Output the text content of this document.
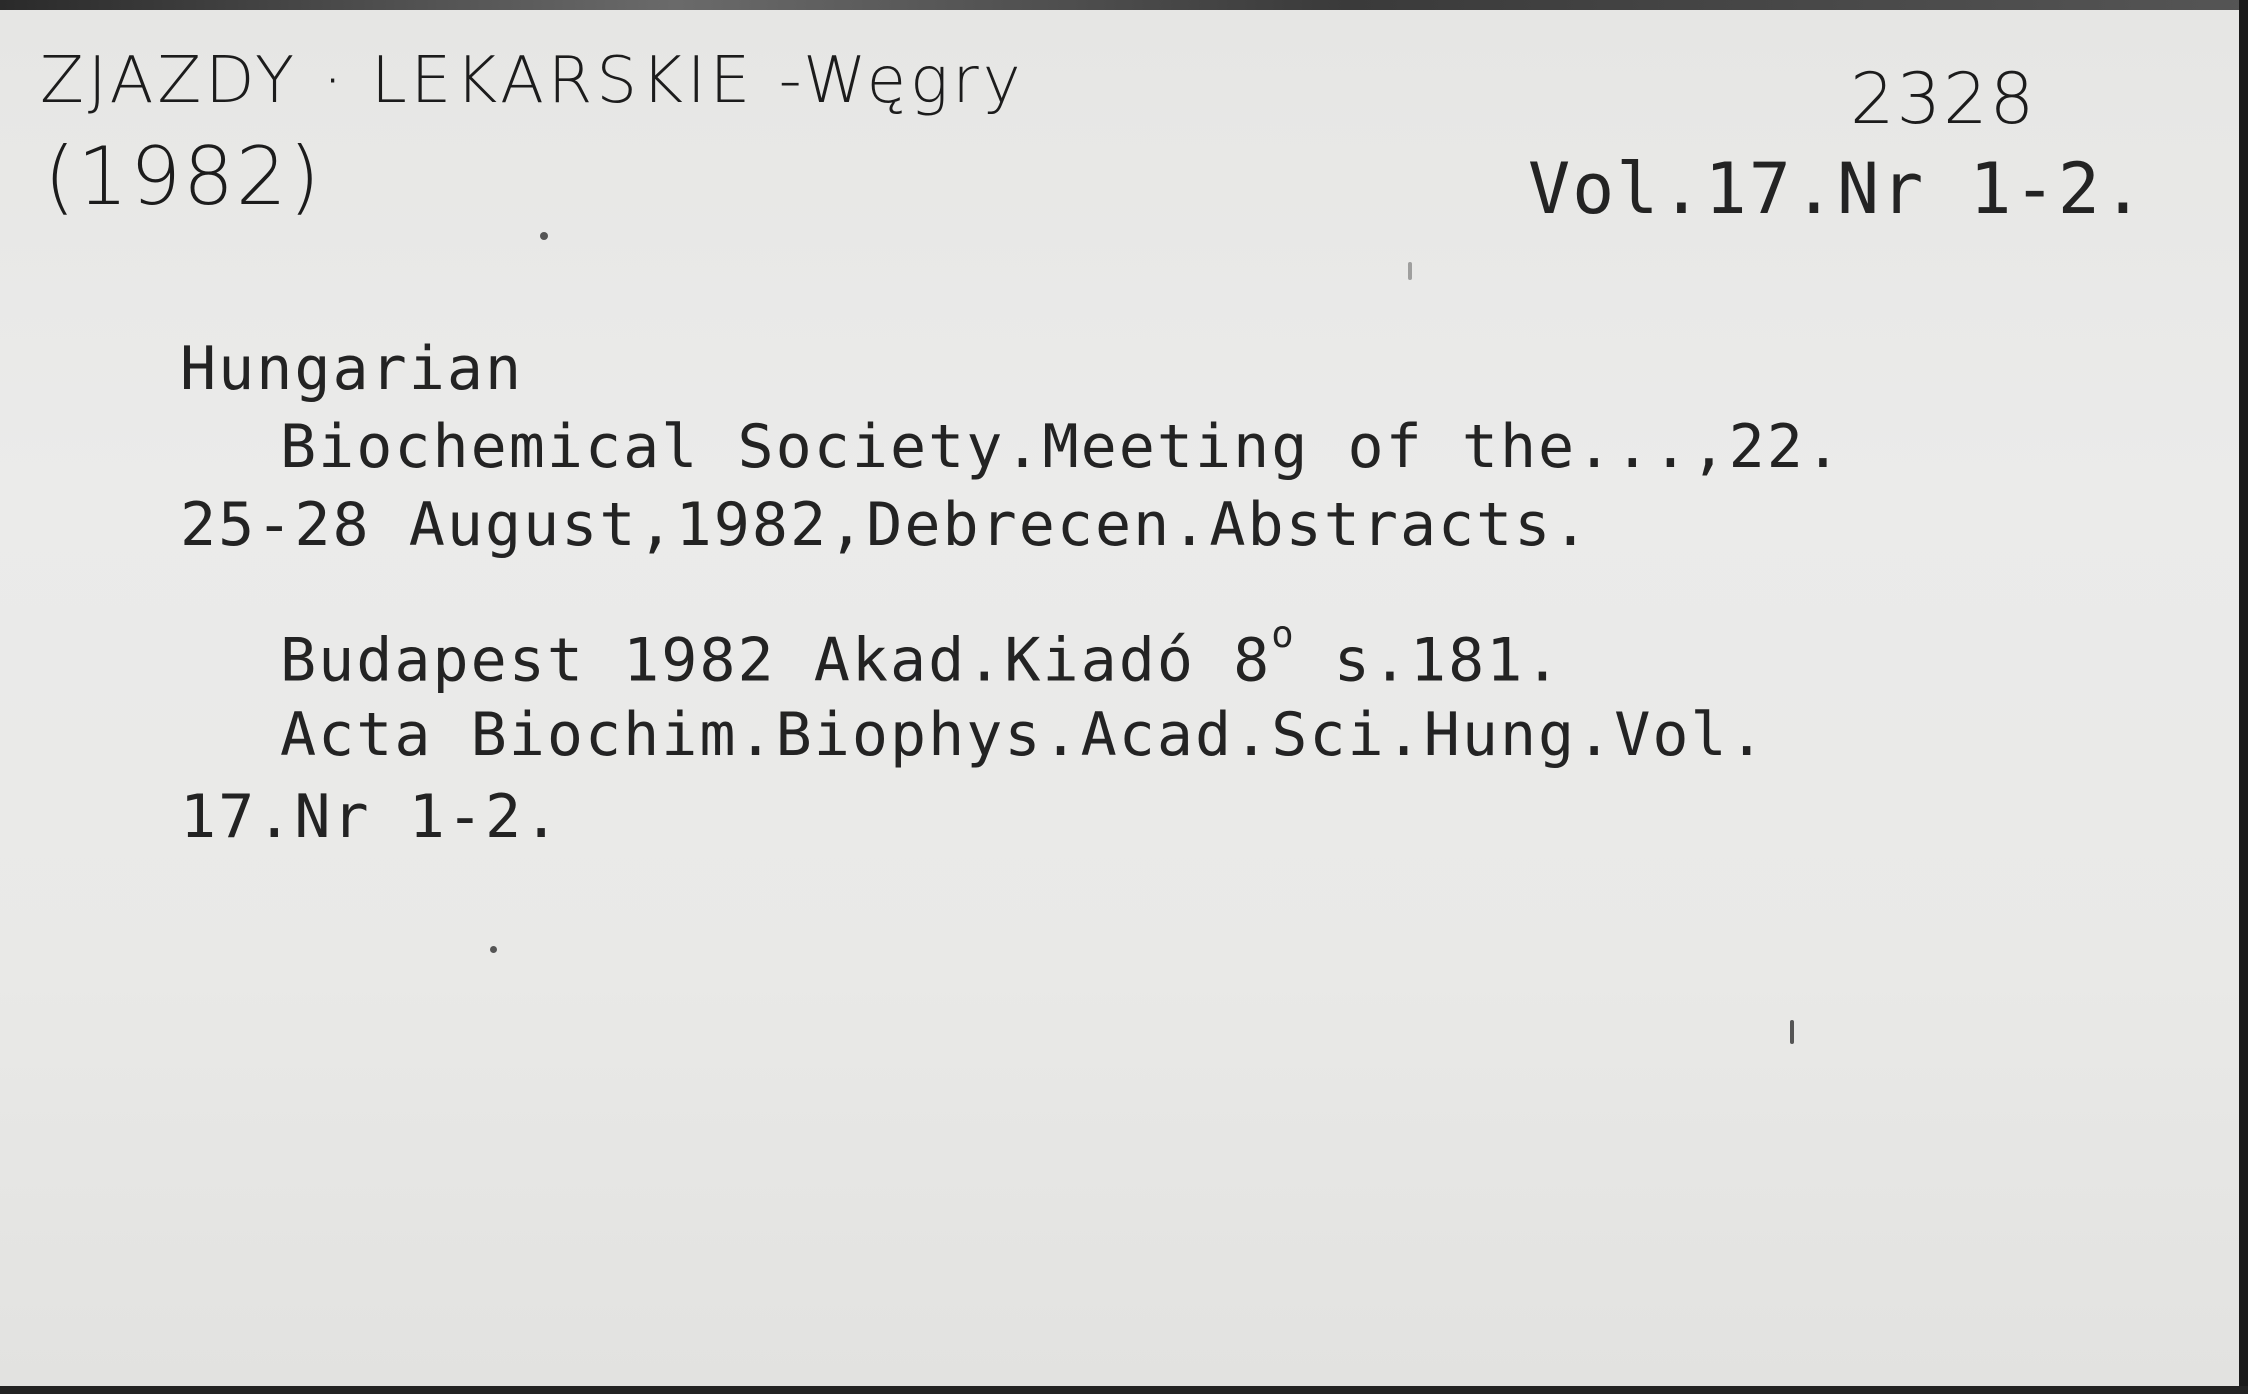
ZJAZDY · LEKARSKIE -Węgry
(1982)
2328
Vol.17.Nr 1-2.
Hungarian
Biochemical Society.Meeting of the...,22.
25-28 August,1982,Debrecen.Abstracts.
Budapest 1982 Akad.Kiadó 8$^o$ s.181.
Acta Biochim.Biophys.Acad.Sci.Hung.Vol.
17.Nr 1-2.
